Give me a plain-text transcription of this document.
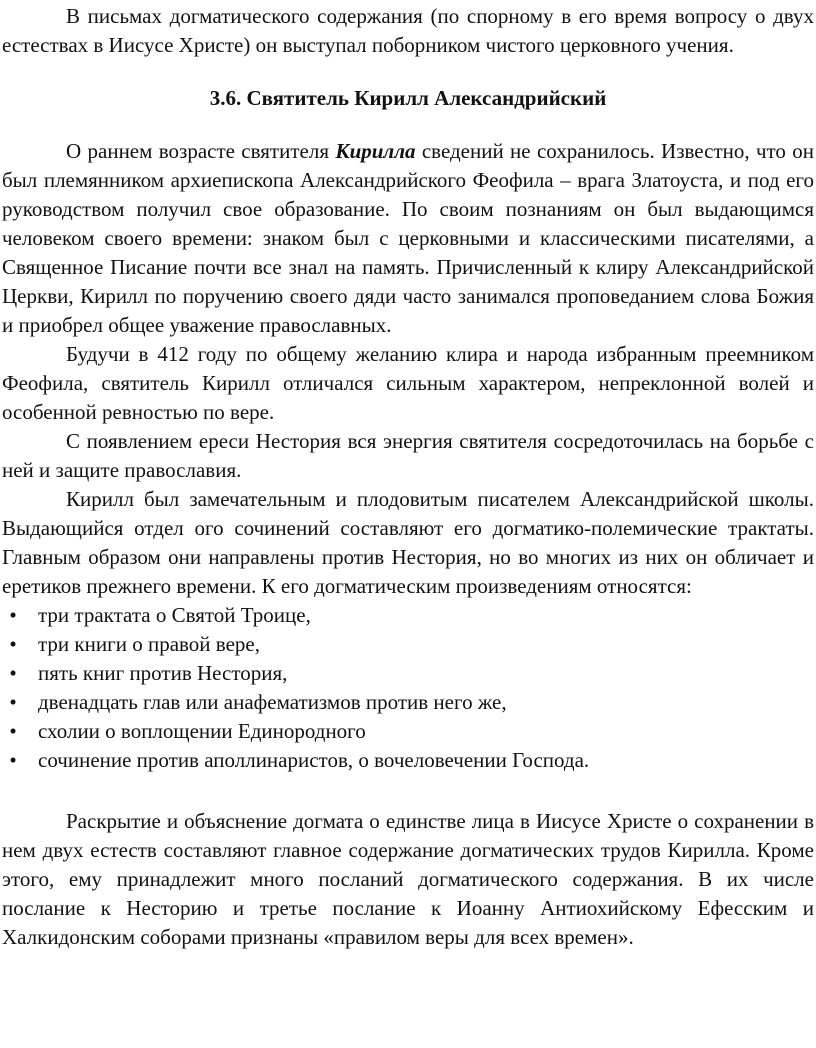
В письмах догматического содержания (по спорному в его время вопросу о двух естествах в Иисусе Христе) он выступал поборником чистого церковного учения.

3.6. Святитель Кирилл Александрийский

О раннем возрасте святителя Кирилла сведений не сохранилось. Известно, что он был племянником архиепископа Александрийского Феофила – врага Златоуста, и под его руководством получил свое образование. По своим познаниям он был выдающимся человеком своего времени: знаком был с церковными и классическими писателями, а Священное Писание почти все знал на память. Причисленный к клиру Александрийской Церкви, Кирилл по поручению своего дяди часто занимался проповеданием слова Божия и приобрел общее уважение православных.

Будучи в 412 году по общему желанию клира и народа избранным преемником Феофила, святитель Кирилл отличался сильным характером, непреклонной волей и особенной ревностью по вере.

С появлением ереси Нестория вся энергия святителя сосредоточилась на борьбе с ней и защите православия.

Кирилл был замечательным и плодовитым писателем Александрийской школы. Выдающийся отдел ого сочинений составляют его догматико-полемические трактаты. Главным образом они направлены против Нестория, но во многих из них он обличает и еретиков прежнего времени. К его догматическим произведениям относятся:

•	три трактата о Святой Троице,
•	три книги о правой вере,
•	пять книг против Нестория,
•	двенадцать глав или анафематизмов против него же,
•	схолии о воплощении Единородного
•	сочинение против аполлинаристов, о вочеловечении Господа.

Раскрытие и объяснение догмата о единстве лица в Иисусе Христе о сохранении в нем двух естеств составляют главное содержание догматических трудов Кирилла. Кроме этого, ему принадлежит много посланий догматического содержания. В их числе послание к Несторию и третье послание к Иоанну Антиохийскому Ефесским и Халкидонским соборами признаны «правилом веры для всех времен».
